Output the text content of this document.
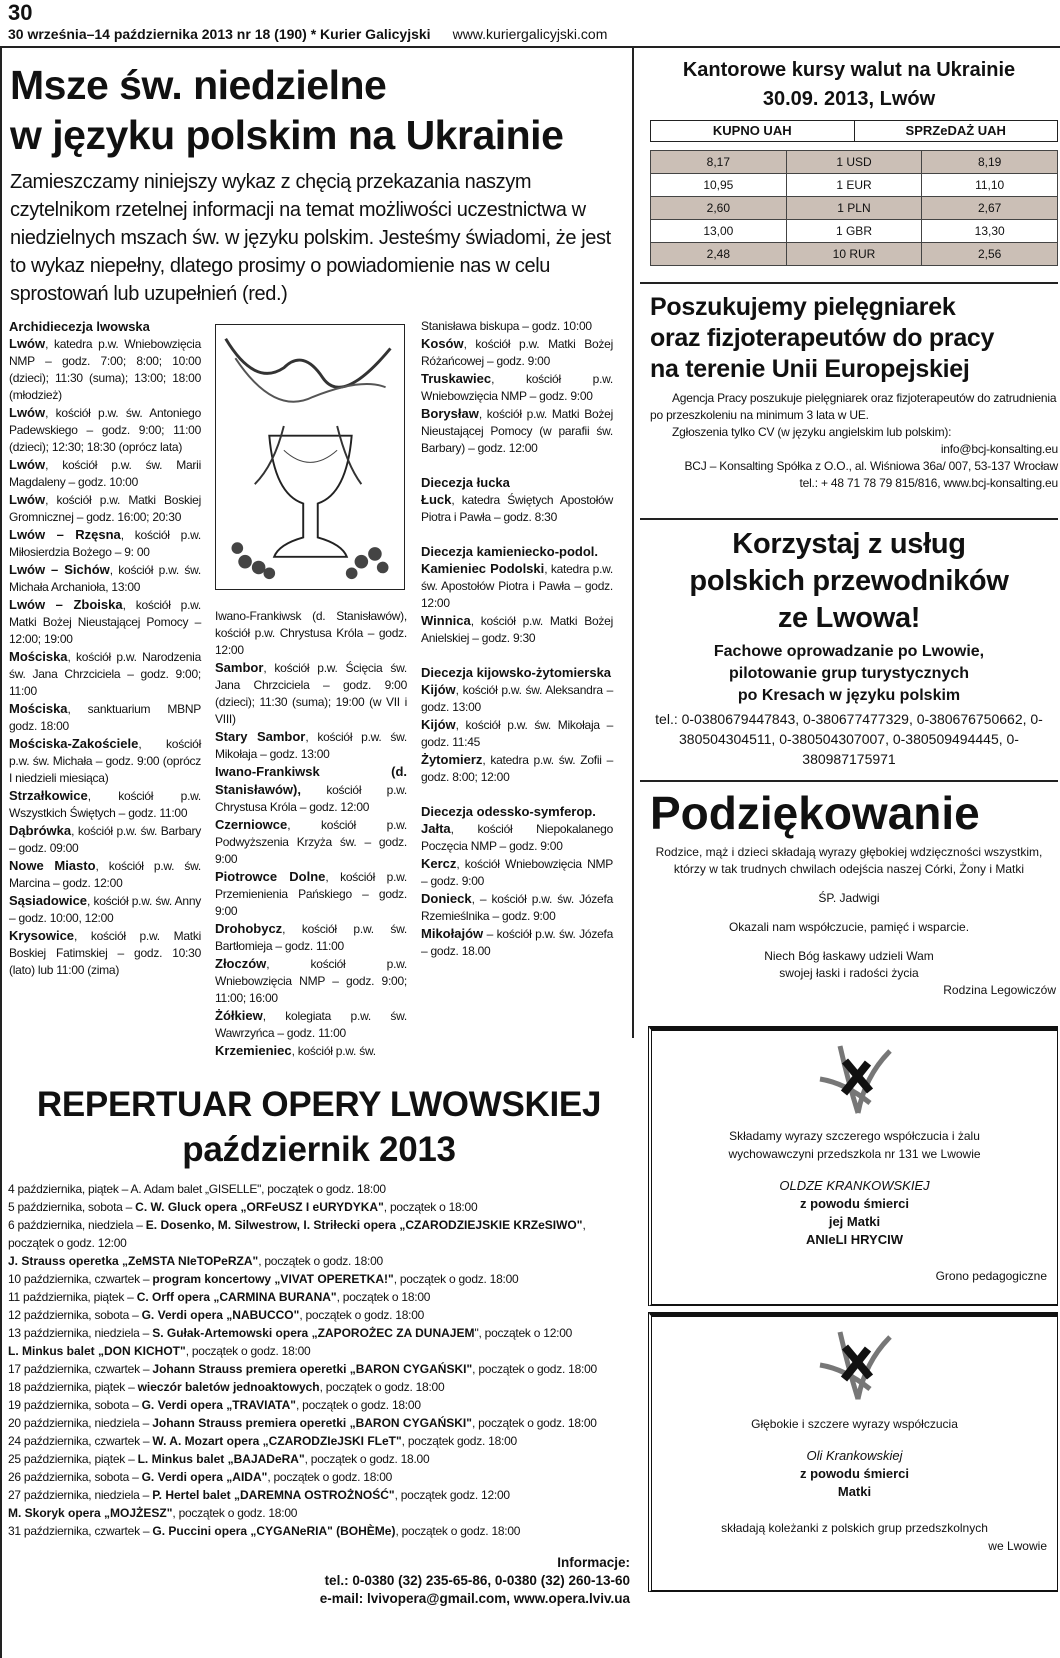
30
30 września–14 października 2013 nr 18 (190) * Kurier Galicyjski www.kuriergalicyjski.com
Msze św. niedzielne
w języku polskim na Ukrainie
Zamieszczamy niniejszy wykaz z chęcią przekazania naszym czytelnikom rzetelnej informacji na temat możliwości uczestnictwa w niedzielnych mszach św. w języku polskim. Jesteśmy świadomi, że jest to wykaz niepełny, dlatego prosimy o powiadomienie nas w celu sprostowań lub uzupełnień (red.)
Archidiecezja lwowska
Lwów, katedra p.w. Wniebowzięcia NMP – godz. 7:00; 8:00; 10:00 (dzieci); 11:30 (suma); 13:00; 18:00 (młodzież)
Lwów, kościół p.w. św. Antoniego Padewskiego – godz. 9:00; 11:00 (dzieci); 12:30; 18:30 (oprócz lata)
Lwów, kościół p.w. św. Marii Magdaleny – godz. 10:00
Lwów, kościół p.w. Matki Boskiej Gromnicznej – godz. 16:00; 20:30
Lwów – Rzęsna, kościół p.w. Miłosierdzia Bożego – 9: 00
Lwów – Sichów, kościół p.w. św. Michała Archanioła, 13:00
Lwów – Zboiska, kościół p.w. Matki Bożej Nieustającej Pomocy – 12:00; 19:00
Mościska, kościół p.w. Narodzenia św. Jana Chrzciciela – godz. 9:00; 11:00
Mościska, sanktuarium MBNP godz. 18:00
Mościska-Zakościele, kościół p.w. św. Michała – godz. 9:00 (oprócz I niedzieli miesiąca)
Strzałkowice, kościół p.w. Wszystkich Świętych – godz. 11:00
Dąbrówka, kościół p.w. św. Barbary – godz. 09:00
Nowe Miasto, kościół p.w. św. Marcina – godz. 12:00
Sąsiadowice, kościół p.w. św. Anny – godz. 10:00, 12:00
Krysowice, kościół p.w. Matki Boskiej Fatimskiej – godz. 10:30 (lato) lub 11:00 (zima)
Iwano-Frankiwsk (d. Stanisławów), kościół p.w. Chrystusa Króla – godz. 12:00
Sambor, kościół p.w. Ścięcia św. Jana Chrzciciela – godz. 9:00 (dzieci); 11:30 (suma); 19:00 (w VII i VIII)
Stary Sambor, kościół p.w. św. Mikołaja – godz. 13:00
Iwano-Frankiwsk (d. Stanisławów), kościół p.w. Chrystusa Króla – godz. 12:00
Czerniowce, kościół p.w. Podwyższenia Krzyża św. – godz. 9:00
Piotrowce Dolne, kościół p.w. Przemienienia Pańskiego – godz. 9:00
Drohobycz, kościół p.w. św. Bartłomieja – godz. 11:00
Złoczów, kościół p.w. Wniebowzięcia NMP – godz. 9:00; 11:00; 16:00
Żółkiew, kolegiata p.w. św. Wawrzyńca – godz. 11:00
Krzemieniec, kościół p.w. św.
Stanisława biskupa – godz. 10:00
Kosów, kościół p.w. Matki Bożej Różańcowej – godz. 9:00
Truskawiec, kościół p.w. Wniebowzięcia NMP – godz. 9:00
Borysław, kościół p.w. Matki Bożej Nieustającej Pomocy (w parafii św. Barbary) – godz. 12:00
Diecezja łucka
Łuck, katedra Świętych Apostołów Piotra i Pawła – godz. 8:30
Diecezja kamieniecko-podol.
Kamieniec Podolski, katedra p.w. św. Apostołów Piotra i Pawła – godz. 12:00
Winnica, kościół p.w. Matki Bożej Anielskiej – godz. 9:30
Diecezja kijowsko-żytomierska
Kijów, kościół p.w. św. Aleksandra – godz. 13:00
Kijów, kościół p.w. św. Mikołaja – godz. 11:45
Żytomierz, katedra p.w. św. Zofii – godz. 8:00; 12:00
Diecezja odessko-symferop.
Jałta, kościół Niepokalanego Poczęcia NMP – godz. 9:00
Kercz, kościół Wniebowzięcia NMP – godz. 9:00
Donieck, – kościół p.w. św. Józefa Rzemieślnika – godz. 9:00
Mikołajów – kościół p.w. św. Józefa – godz. 18.00
REPERTUAR OPERY LWOWSKIEJ
październik 2013
4 października, piątek – A. Adam balet „GISELLE", początek o godz. 18:00
5 października, sobota – C. W. Gluck opera „ORFeUSZ I eURYDYKA", początek o 18:00
6 października, niedziela – E. Dosenko, M. Silwestrow, I. Striłecki opera „CZARODZIEJSKIE KRZeSIWO", początek o godz. 12:00
J. Strauss operetka „ZeMSTA NIeTOPeRZA", początek o godz. 18:00
10 października, czwartek – program koncertowy „VIVAT OPERETKA!", początek o godz. 18:00
11 października, piątek – C. Orff opera „CARMINA BURANA", początek o 18:00
12 października, sobota – G. Verdi opera „NABUCCO", początek o godz. 18:00
13 października, niedziela – S. Gułak-Artemowski opera „ZAPOROŻEC ZA DUNAJEM", początek o 12:00
L. Minkus balet „DON KICHOT", początek o godz. 18:00
17 października, czwartek – Johann Strauss premiera operetki „BARON CYGAŃSKI", początek o godz. 18:00
18 października, piątek – wieczór baletów jednoaktowych, początek o godz. 18:00
19 października, sobota – G. Verdi opera „TRAVIATA", początek o godz. 18:00
20 października, niedziela – Johann Strauss premiera operetki „BARON CYGAŃSKI", początek o godz. 18:00
24 października, czwartek – W. A. Mozart opera „CZARODZIeJSKI FLeT", początek godz. 18:00
25 października, piątek – L. Minkus balet „BAJADeRA", początek o godz. 18.00
26 października, sobota – G. Verdi opera „AIDA", początek o godz. 18:00
27 października, niedziela – P. Hertel balet „DAREMNA OSTROŻNOŚĆ", początek godz. 12:00
M. Skoryk opera „MOJŻESZ", początek o godz. 18:00
31 października, czwartek – G. Puccini opera „CYGANeRIA" (BOHÈMe), początek o godz. 18:00
Informacje:
tel.: 0-0380 (32) 235-65-86, 0-0380 (32) 260-13-60
e-mail: lvivopera@gmail.com, www.opera.lviv.ua
Kantorowe kursy walut na Ukrainie
30.09. 2013, Lwów
KUPNO UAH	SPRZeDAŻ UAH
8,17	1 USD	8,19
10,95	1 EUR	11,10
2,60	1 PLN	2,67
13,00	1 GBR	13,30
2,48	10 RUR	2,56
Poszukujemy pielęgniarek
oraz fizjoterapeutów do pracy
na terenie Unii Europejskiej
Agencja Pracy poszukuje pielęgniarek oraz fizjoterapeutów do zatrudnienia po przeszkoleniu na minimum 3 lata w UE.
Zgłoszenia tylko CV (w języku angielskim lub polskim):
info@bcj-konsalting.eu
BCJ – Konsalting Spółka z O.O., al. Wiśniowa 36a/ 007, 53-137 Wrocław
tel.: + 48 71 78 79 815/816, www.bcj-konsalting.eu
Korzystaj z usług
polskich przewodników
ze Lwowa!
Fachowe oprowadzanie po Lwowie,
pilotowanie grup turystycznych
po Kresach w języku polskim
tel.: 0-0380679447843, 0-380677477329, 0-380676750662, 0-380504304511, 0-380504307007, 0-380509494445, 0-380987175971
Podziękowanie

Rodzice, mąż i dzieci składają wyrazy głębokiej wdzięczności wszystkim, którzy w tak trudnych chwilach odejścia naszej Córki, Żony i Matki

ŚP. Jadwigi

Okazali nam współczucie, pamięć i wsparcie.

Niech Bóg łaskawy udzieli Wam
swojej łaski i radości życia
Rodzina Legowiczów
Składamy wyrazy szczerego współczucia i żalu
wychowawczyni przedszkola nr 131 we Lwowie
OLDZE KRANKOWSKIEJ
z powodu śmierci
jej Matki
ANIeLI HRYCIW
Grono pedagogiczne
Głębokie i szczere wyrazy współczucia
Oli Krankowskiej
z powodu śmierci
Matki
składają koleżanki z polskich grup przedszkolnych
we Lwowie
